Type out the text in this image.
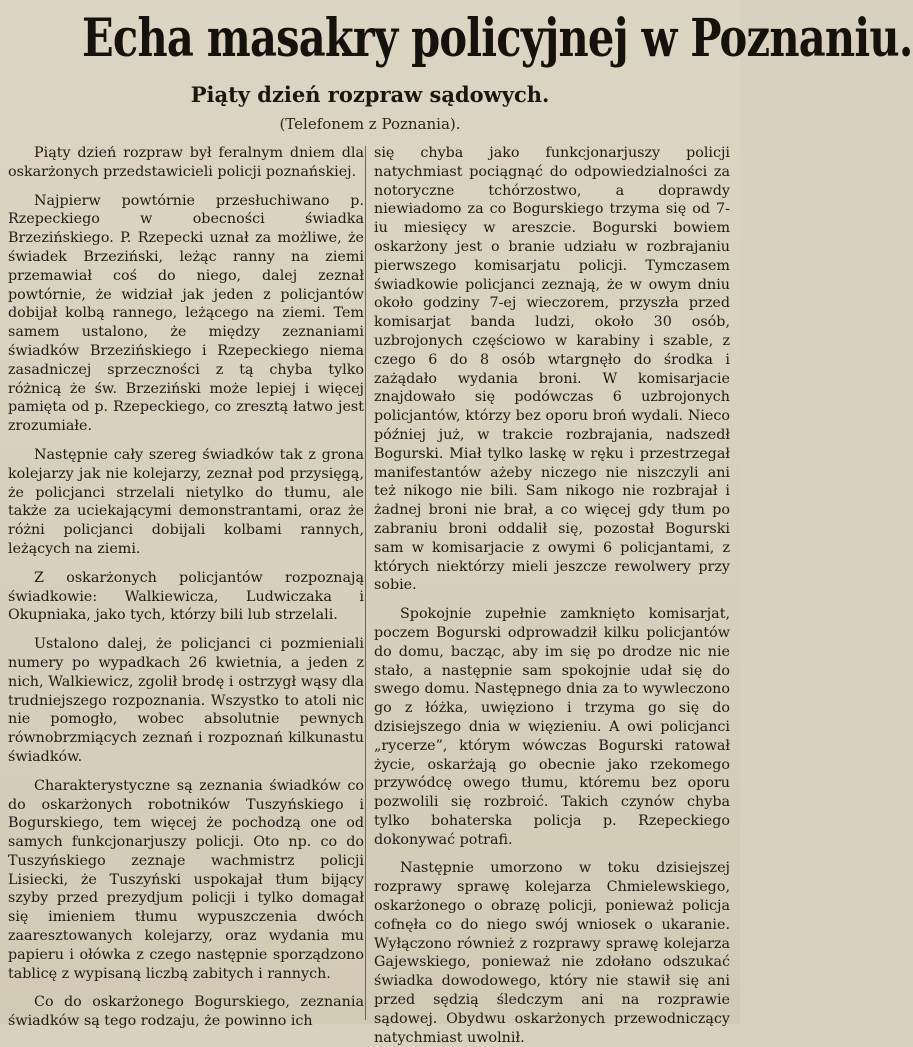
Echa masakry policyjnej w Poznaniu.
Piąty dzień rozpraw sądowych.
(Telefonem z Poznania).

Piąty dzień rozpraw był feralnym dniem dla oskarżonych przedstawicieli policji poznańskiej.

Najpierw powtórnie przesłuchiwano p. Rzepeckiego w obecności świadka Brzezińskiego. P. Rzepecki uznał za możliwe, że świadek Brzeziński, leżąc ranny na ziemi przemawiał coś do niego, dalej zeznał powtórnie, że widział jak jeden z policjantów dobijał kolbą rannego, leżącego na ziemi. Tem samem ustalono, że między zeznaniami świadków Brzezińskiego i Rzepeckiego niema zasadniczej sprzeczności z tą chyba tylko różnicą że św. Brzeziński może lepiej i więcej pamięta od p. Rzepeckiego, co zresztą łatwo jest zrozumiałe.

Następnie cały szereg świadków tak z grona kolejarzy jak nie kolejarzy, zeznał pod przysięgą, że policjanci strzelali nietylko do tłumu, ale także za uciekającymi demonstrantami, oraz że różni policjanci dobijali kolbami rannych, leżących na ziemi.

Z oskarżonych policjantów rozpoznają świadkowie: Walkiewicza, Ludwiczaka i Okupniaka, jako tych, którzy bili lub strzelali.

Ustalono dalej, że policjanci ci pozmieniali numery po wypadkach 26 kwietnia, a jeden z nich, Walkiewicz, zgolił brodę i ostrzygł wąsy dla trudniejszego rozpoznania. Wszystko to atoli nic nie pomogło, wobec absolutnie pewnych równobrzmiących zeznań i rozpoznań kilkunastu świadków.

Charakterystyczne są zeznania świadków co do oskarżonych robotników Tuszyńskiego i Bogurskiego, tem więcej że pochodzą one od samych funkcjonarjuszy policji. Oto np. co do Tuszyńskiego zeznaje wachmistrz policji Lisiecki, że Tuszyński uspokajał tłum bijący szyby przed prezydjum policji i tylko domagał się imieniem tłumu wypuszczenia dwóch zaaresztowanych kolejarzy, oraz wydania mu papieru i ołówka z czego następnie sporządzono tablicę z wypisaną liczbą zabitych i rannych.

Co do oskarżonego Bogurskiego, zeznania świadków są tego rodzaju, że powinno ich

się chyba jako funkcjonarjuszy policji natychmiast pociągnąć do odpowiedzialności za notoryczne tchórzostwo, a doprawdy niewiadomo za co Bogurskiego trzyma się od 7-iu miesięcy w areszcie. Bogurski bowiem oskarżony jest o branie udziału w rozbrajaniu pierwszego komisarjatu policji. Tymczasem świadkowie policjanci zeznają, że w owym dniu około godziny 7-ej wieczorem, przyszła przed komisarjat banda ludzi, około 30 osób, uzbrojonych częściowo w karabiny i szable, z czego 6 do 8 osób wtargnęło do środka i zażądało wydania broni. W komisarjacie znajdowało się podówczas 6 uzbrojonych policjantów, którzy bez oporu broń wydali. Nieco później już, w trakcie rozbrajania, nadszedł Bogurski. Miał tylko laskę w ręku i przestrzegał manifestantów ażeby niczego nie niszczyli ani też nikogo nie bili. Sam nikogo nie rozbrajał i żadnej broni nie brał, a co więcej gdy tłum po zabraniu broni oddalił się, pozostał Bogurski sam w komisarjacie z owymi 6 policjantami, z których niektórzy mieli jeszcze rewolwery przy sobie.

Spokojnie zupełnie zamknięto komisarjat, poczem Bogurski odprowadził kilku policjantów do domu, bacząc, aby im się po drodze nic nie stało, a następnie sam spokojnie udał się do swego domu. Następnego dnia za to wywleczono go z łóżka, uwięziono i trzyma go się do dzisiejszego dnia w więzieniu. A owi policjanci „rycerze”, którym wówczas Bogurski ratował życie, oskarżają go obecnie jako rzekomego przywódcę owego tłumu, któremu bez oporu pozwolili się rozbroić. Takich czynów chyba tylko bohaterska policja p. Rzepeckiego dokonywać potrafi.

Następnie umorzono w toku dzisiejszej rozprawy sprawę kolejarza Chmielewskiego, oskarżonego o obrazę policji, ponieważ policja cofnęła co do niego swój wniosek o ukaranie. Wyłączono również z rozprawy sprawę kolejarza Gajewskiego, ponieważ nie zdołano odszukać świadka dowodowego, który nie stawił się ani przed sędzią śledczym ani na rozprawie sądowej. Obydwu oskarżonych przewodniczący natychmiast uwolnił.
